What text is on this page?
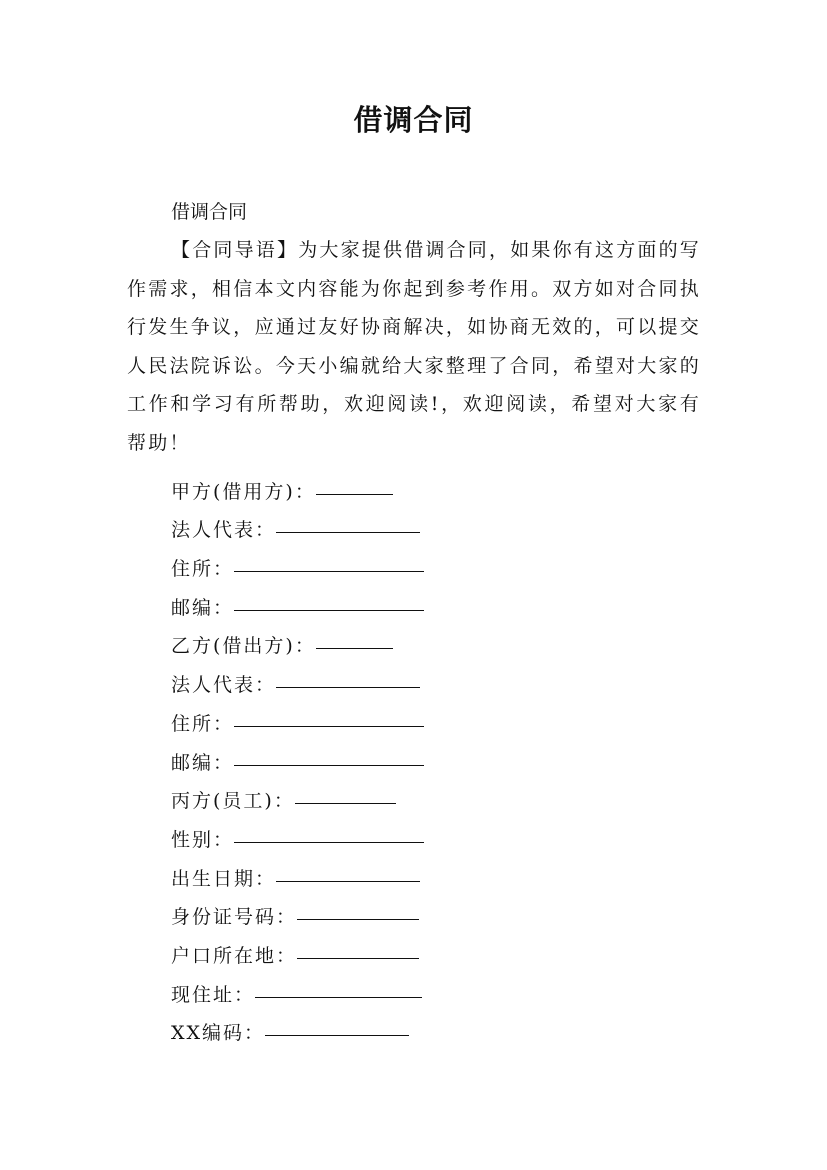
借调合同
借调合同

【合同导语】为大家提供借调合同，如果你有这方面的写作需求，相信本文内容能为你起到参考作用。双方如对合同执行发生争议，应通过友好协商解决，如协商无效的，可以提交人民法院诉讼。今天小编就给大家整理了合同，希望对大家的工作和学习有所帮助，欢迎阅读!，欢迎阅读，希望对大家有帮助！

甲方(借用方)：
法人代表：
住所：
邮编：
乙方(借出方)：
法人代表：
住所：
邮编：
丙方(员工)：
性别：
出生日期：
身份证号码：
户口所在地：
现住址：
XX编码：
